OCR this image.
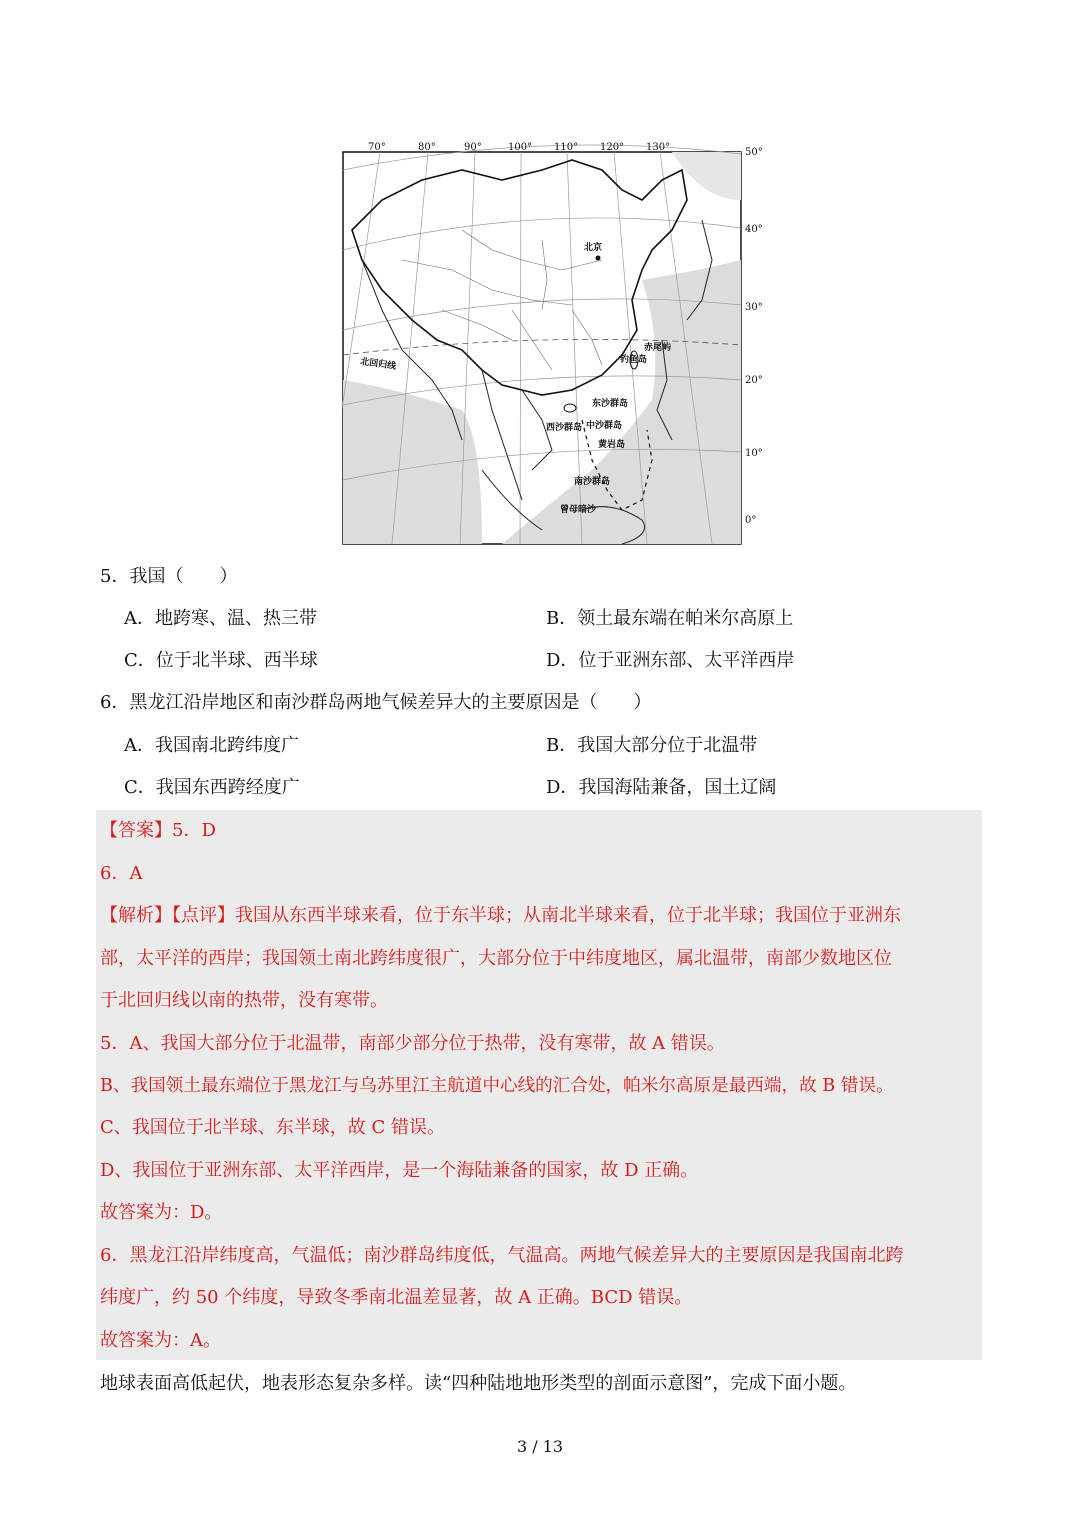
70°	80°	90°	100° 110° 120° 130°	50°
40°
30°
20°
10°
0°
北京
北回归线
赤尾屿
钓鱼岛
东沙群岛
西沙群岛 中沙群岛
黄岩岛
南沙群岛
曾母暗沙
5．我国（　　）
A．地跨寒、温、热三带	B．领土最东端在帕米尔高原上
C．位于北半球、西半球	D．位于亚洲东部、太平洋西岸
6．黑龙江沿岸地区和南沙群岛两地气候差异大的主要原因是（　　）
A．我国南北跨纬度广	B．我国大部分位于北温带
C．我国东西跨经度广	D．我国海陆兼备，国土辽阔
【答案】5．D
6．A
【解析】【点评】我国从东西半球来看，位于东半球；从南北半球来看，位于北半球；我国位于亚洲东
部，太平洋的西岸；我国领土南北跨纬度很广，大部分位于中纬度地区，属北温带，南部少数地区位
于北回归线以南的热带，没有寒带。
5．A、我国大部分位于北温带，南部少部分位于热带，没有寒带，故 A 错误。
B、我国领土最东端位于黑龙江与乌苏里江主航道中心线的汇合处，帕米尔高原是最西端，故 B 错误。
C、我国位于北半球、东半球，故 C 错误。
D、我国位于亚洲东部、太平洋西岸，是一个海陆兼备的国家，故 D 正确。
故答案为：D。
6．黑龙江沿岸纬度高，气温低；南沙群岛纬度低，气温高。两地气候差异大的主要原因是我国南北跨
纬度广，约 50 个纬度，导致冬季南北温差显著，故 A 正确。BCD 错误。
故答案为：A。
地球表面高低起伏，地表形态复杂多样。读“四种陆地地形类型的剖面示意图”，完成下面小题。
3 / 13
